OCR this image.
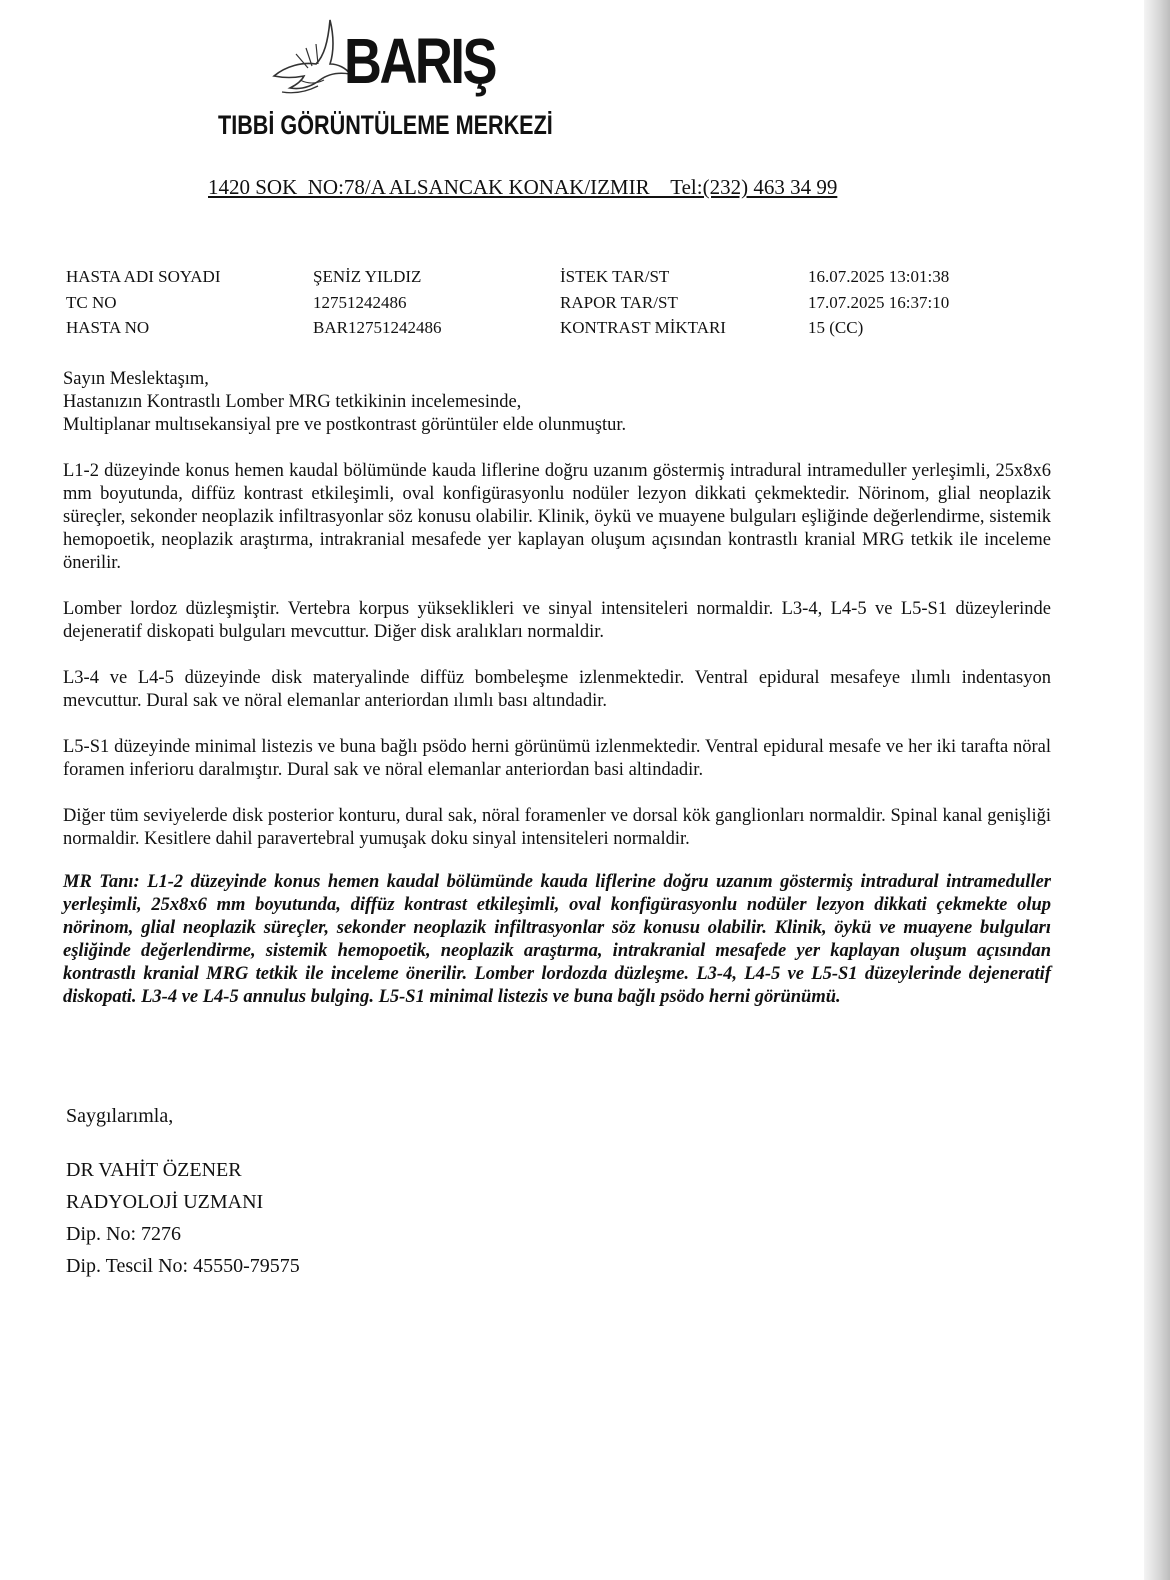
BARIŞ
TIBBİ GÖRÜNTÜLEME MERKEZİ
1420 SOK  NO:78/A ALSANCAK KONAK/IZMIR    Tel:(232) 463 34 99
HASTA ADI SOYADI	ŞENİZ YILDIZ	İSTEK TAR/ST	16.07.2025 13:01:38
TC NO	12751242486	RAPOR TAR/ST	17.07.2025 16:37:10
HASTA NO	BAR12751242486	KONTRAST MİKTARI	15 (CC)

Sayın Meslektaşım,
Hastanızın Kontrastlı Lomber MRG tetkikinin incelemesinde,
Multiplanar multısekansiyal pre ve postkontrast görüntüler elde olunmuştur.

L1-2 düzeyinde konus hemen kaudal bölümünde kauda liflerine doğru uzanım göstermiş intradural intrameduller yerleşimli, 25x8x6 mm boyutunda, diffüz kontrast etkileşimli, oval konfigürasyonlu nodüler lezyon dikkati çekmektedir. Nörinom, glial neoplazik süreçler, sekonder neoplazik infiltrasyonlar söz konusu olabilir. Klinik, öykü ve muayene bulguları eşliğinde değerlendirme, sistemik hemopoetik, neoplazik araştırma, intrakranial mesafede yer kaplayan oluşum açısından kontrastlı kranial MRG tetkik ile inceleme önerilir.

Lomber lordoz düzleşmiştir. Vertebra korpus yükseklikleri ve sinyal intensiteleri normaldir. L3-4, L4-5 ve L5-S1 düzeylerinde dejeneratif diskopati bulguları mevcuttur. Diğer disk aralıkları normaldir.

L3-4 ve L4-5 düzeyinde disk materyalinde diffüz bombeleşme izlenmektedir. Ventral epidural mesafeye ılımlı indentasyon mevcuttur. Dural sak ve nöral elemanlar anteriordan ılımlı bası altındadir.

L5-S1 düzeyinde minimal listezis ve buna bağlı psödo herni görünümü izlenmektedir. Ventral epidural mesafe ve her iki tarafta nöral foramen inferioru daralmıştır. Dural sak ve nöral elemanlar anteriordan basi altindadir.

Diğer tüm seviyelerde disk posterior konturu, dural sak, nöral foramenler ve dorsal kök ganglionları normaldir. Spinal kanal genişliği normaldir. Kesitlere dahil paravertebral yumuşak doku sinyal intensiteleri normaldir.

MR Tanı: L1-2 düzeyinde konus hemen kaudal bölümünde kauda liflerine doğru uzanım göstermiş intradural intrameduller yerleşimli, 25x8x6 mm boyutunda, diffüz kontrast etkileşimli, oval konfigürasyonlu nodüler lezyon dikkati çekmekte olup nörinom, glial neoplazik süreçler, sekonder neoplazik infiltrasyonlar söz konusu olabilir. Klinik, öykü ve muayene bulguları eşliğinde değerlendirme, sistemik hemopoetik, neoplazik araştırma, intrakranial mesafede yer kaplayan oluşum açısından kontrastlı kranial MRG tetkik ile inceleme önerilir. Lomber lordozda düzleşme. L3-4, L4-5 ve L5-S1 düzeylerinde dejeneratif diskopati. L3-4 ve L4-5 annulus bulging. L5-S1 minimal listezis ve buna bağlı psödo herni görünümü.

Saygılarımla,
DR VAHİT ÖZENER
RADYOLOJİ UZMANI
Dip. No: 7276
Dip. Tescil No: 45550-79575
